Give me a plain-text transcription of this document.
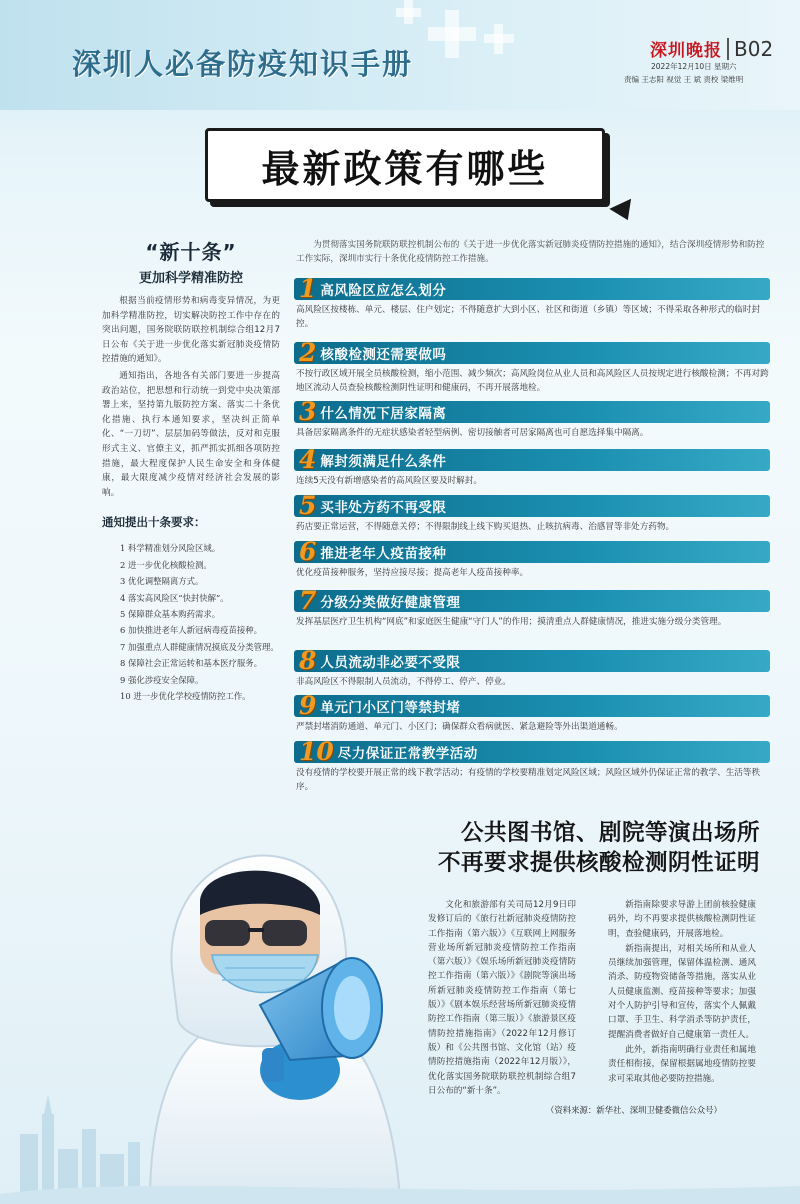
深圳人必备防疫知识手册	深圳晚报 B02
2022年12月10日 星期六
责编 王志阳 视觉 王 斌 责校 梁维明
最新政策有哪些
“新十条”
更加科学精准防控

根据当前疫情形势和病毒变异情况，为更加科学精准防控，切实解决防控工作中存在的突出问题，国务院联防联控机制综合组12月7日公布《关于进一步优化落实新冠肺炎疫情防控措施的通知》。

通知指出，各地各有关部门要进一步提高政治站位，把思想和行动统一到党中央决策部署上来，坚持第九版防控方案、落实二十条优化措施、执行本通知要求，坚决纠正简单化、“一刀切”、层层加码等做法，反对和克服形式主义、官僚主义，抓严抓实抓细各项防控措施，最大程度保护人民生命安全和身体健康，最大限度减少疫情对经济社会发展的影响。

通知提出十条要求：
1 科学精准划分风险区域。
2 进一步优化核酸检测。
3 优化调整隔离方式。
4 落实高风险区“快封快解”。
5 保障群众基本购药需求。
6 加快推进老年人新冠病毒疫苗接种。
7 加强重点人群健康情况摸底及分类管理。
8 保障社会正常运转和基本医疗服务。
9 强化涉疫安全保障。
10 进一步优化学校疫情防控工作。

为贯彻落实国务院联防联控机制公布的《关于进一步优化落实新冠肺炎疫情防控措施的通知》，结合深圳疫情形势和防控工作实际，深圳市实行十条优化疫情防控工作措施。

1 高风险区应怎么划分

高风险区按楼栋、单元、楼层、住户划定；不得随意扩大到小区、社区和街道（乡镇）等区域；不得采取各种形式的临时封控。

2 核酸检测还需要做吗

不按行政区域开展全员核酸检测，缩小范围、减少频次；高风险岗位从业人员和高风险区人员按规定进行核酸检测；不再对跨地区流动人员查验核酸检测阴性证明和健康码，不再开展落地检。

3 什么情况下居家隔离

具备居家隔离条件的无症状感染者轻型病例、密切接触者可居家隔离也可自愿选择集中隔离。

4 解封须满足什么条件

连续5天没有新增感染者的高风险区要及时解封。

5 买非处方药不再受限

药店要正常运营，不得随意关停；不得限制线上线下购买退热、止咳抗病毒、治感冒等非处方药物。

6 推进老年人疫苗接种

优化疫苗接种服务，坚持应接尽接；提高老年人疫苗接种率。

7 分级分类做好健康管理

发挥基层医疗卫生机构“网底”和家庭医生健康“守门人”的作用；摸清重点人群健康情况，推进实施分级分类管理。

8 人员流动非必要不受限

非高风险区不得限制人员流动，不得停工、停产、停业。

9 单元门小区门等禁封堵

严禁封堵消防通道、单元门、小区门；确保群众看病就医、紧急避险等外出渠道通畅。

10 尽力保证正常教学活动

没有疫情的学校要开展正常的线下教学活动；有疫情的学校要精准划定风险区域；风险区域外仍保证正常的教学、生活等秩序。

公共图书馆、剧院等演出场所
不再要求提供核酸检测阴性证明

文化和旅游部有关司局12月9日印发修订后的《旅行社新冠肺炎疫情防控工作指南（第六版）》《互联网上网服务营业场所新冠肺炎疫情防控工作指南（第六版）》《娱乐场所新冠肺炎疫情防控工作指南（第六版）》《剧院等演出场所新冠肺炎疫情防控工作指南（第七版）》《剧本娱乐经营场所新冠肺炎疫情防控工作指南（第三版）》《旅游景区疫情防控措施指南》（2022年12月修订版）和《公共图书馆、文化馆（站）疫情防控措施指南（2022年12月版）》，优化落实国务院联防联控机制综合组7日公布的“新十条”。

新指南除要求导游上团前核验健康码外，均不再要求提供核酸检测阴性证明，查验健康码，开展落地检。

新指南提出，对相关场所和从业人员继续加强管理，保留体温检测、通风消杀、防疫物资储备等措施，落实从业人员健康监测、疫苗接种等要求；加强对个人防护引导和宣传，落实个人佩戴口罩、手卫生、科学消杀等防护责任，提醒消费者做好自己健康第一责任人。

此外，新指南明确行业责任和属地责任相衔接，保留根据属地疫情防控要求可采取其他必要防控措施。

（资料来源：新华社、深圳卫健委微信公众号）
